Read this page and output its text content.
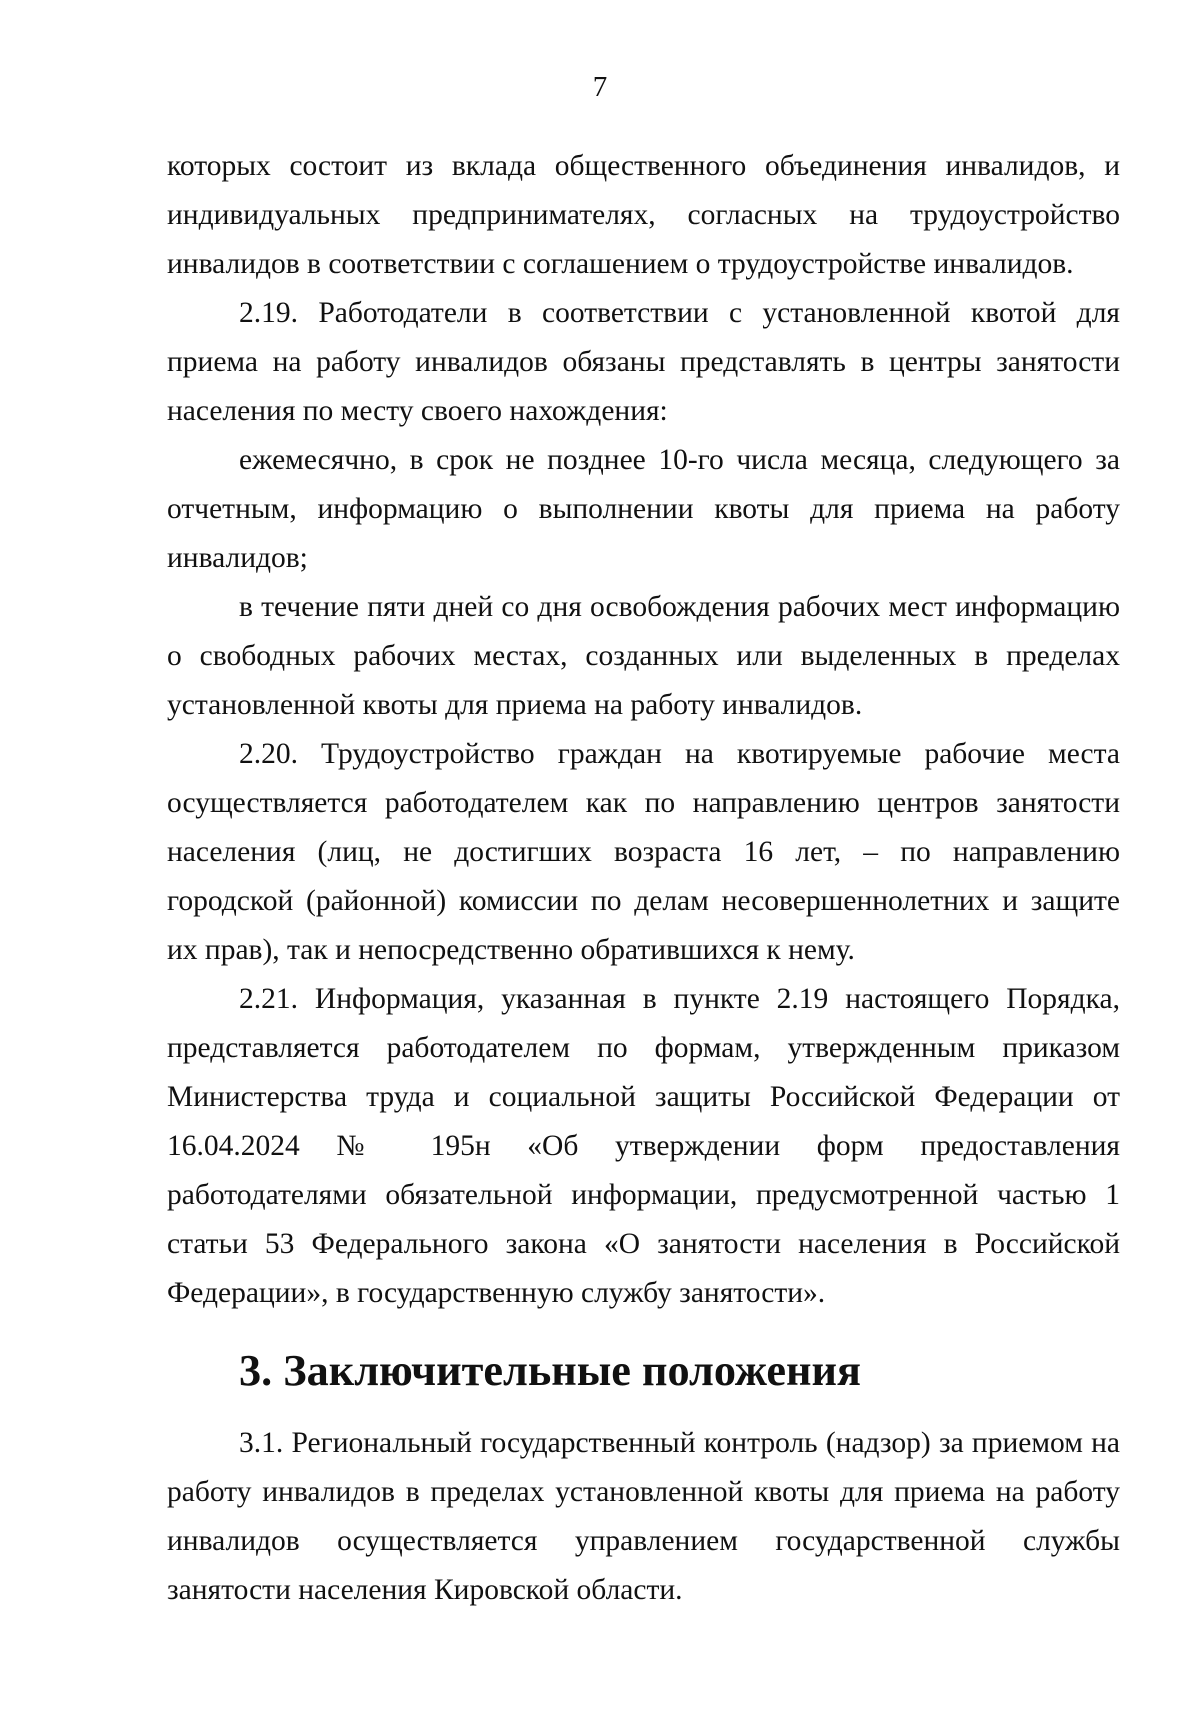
7

которых состоит из вклада общественного объединения инвалидов, и индивидуальных предпринимателях, согласных на трудоустройство инвалидов в соответствии с соглашением о трудоустройстве инвалидов.

2.19. Работодатели в соответствии с установленной квотой для приема на работу инвалидов обязаны представлять в центры занятости населения по месту своего нахождения:

ежемесячно, в срок не позднее 10-го числа месяца, следующего за отчетным, информацию о выполнении квоты для приема на работу инвалидов;

в течение пяти дней со дня освобождения рабочих мест информацию о свободных рабочих местах, созданных или выделенных в пределах установленной квоты для приема на работу инвалидов.

2.20. Трудоустройство граждан на квотируемые рабочие места осуществляется работодателем как по направлению центров занятости населения (лиц, не достигших возраста 16 лет, – по направлению городской (районной) комиссии по делам несовершеннолетних и защите их прав), так и непосредственно обратившихся к нему.

2.21. Информация, указанная в пункте 2.19 настоящего Порядка, представляется работодателем по формам, утвержденным приказом Министерства труда и социальной защиты Российской Федерации от 16.04.2024 № 195н «Об утверждении форм предоставления работодателями обязательной информации, предусмотренной частью 1 статьи 53 Федерального закона «О занятости населения в Российской Федерации», в государственную службу занятости».

3. Заключительные положения

3.1. Региональный государственный контроль (надзор) за приемом на работу инвалидов в пределах установленной квоты для приема на работу инвалидов осуществляется управлением государственной службы занятости населения Кировской области.
